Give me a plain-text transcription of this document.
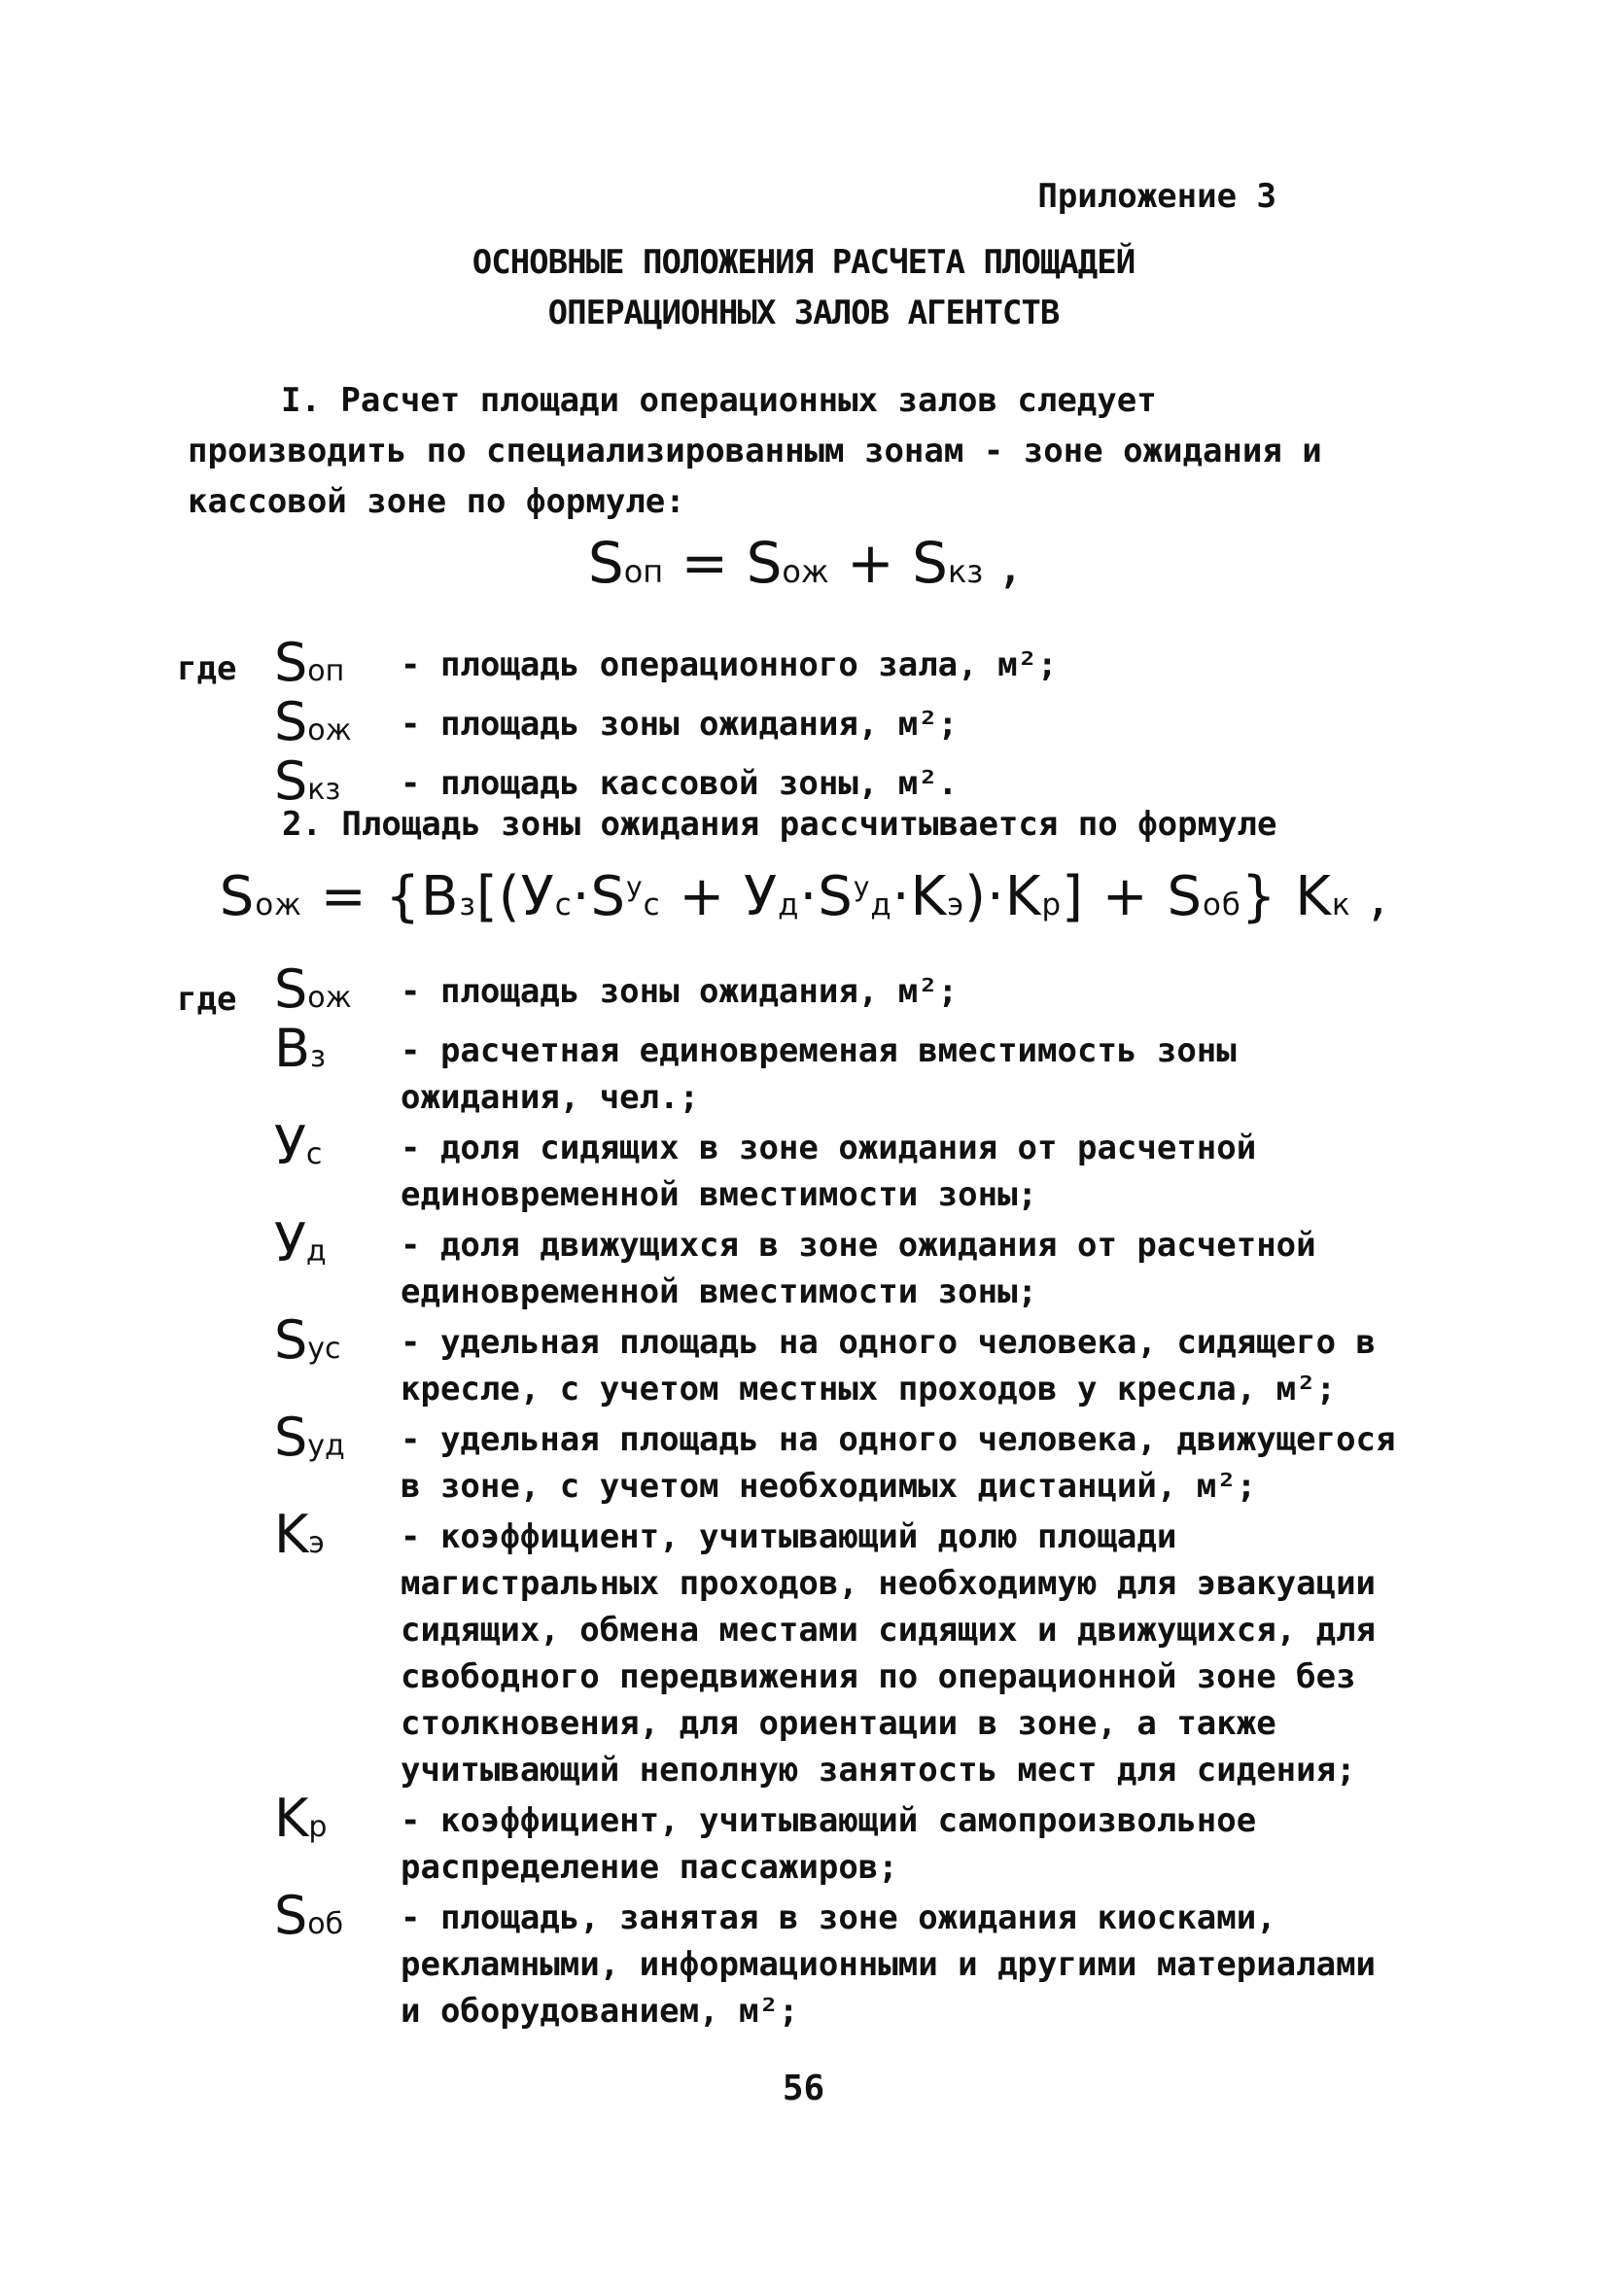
Приложение 3
ОСНОВНЫЕ ПОЛОЖЕНИЯ РАСЧЕТА ПЛОЩАДЕЙ
ОПЕРАЦИОННЫХ ЗАЛОВ АГЕНТСТВ
I. Расчет площади операционных залов следует производить по специализированным зонам - зоне ожидания и кассовой зоне по формуле:
Sоп = Sож + Sкз ,
где Sоп	- площадь операционного зала, м²;
Sож	- площадь зоны ожидания, м²;
Sкз	- площадь кассовой зоны, м².
2. Площадь зоны ожидания рассчитывается по формуле
Sож = $\{Bз[(Ус\cdot S^ус + Уд\cdot S^уд\cdot Kэ)\cdot Kр] + Sоб\}$ Kк ,
где Sож	- площадь зоны ожидания, м²;
Bз	- расчетная единовременая вместимость зоны ожидания, чел.;
Ус	- доля сидящих в зоне ожидания от расчетной единовременной вместимости зоны;
Уд	- доля движущихся в зоне ожидания от расчетной единовременной вместимости зоны;
Sус	- удельная площадь на одного человека, сидящего в кресле, с учетом местных проходов у кресла, м²;
Sуд	- удельная площадь на одного человека, движущегося в зоне, с учетом необходимых дистанций, м²;
Kэ	- коэффициент, учитывающий долю площади магистральных проходов, необходимую для эвакуации сидящих, обмена местами сидящих и движущихся, для свободного передвижения по операционной зоне без столкновения, для ориентации в зоне, а также учитывающий неполную занятость мест для сидения;
Kр	- коэффициент, учитывающий самопроизвольное распределение пассажиров;
Sоб	- площадь, занятая в зоне ожидания киосками, рекламными, информационными и другими материалами и оборудованием, м²;
56
